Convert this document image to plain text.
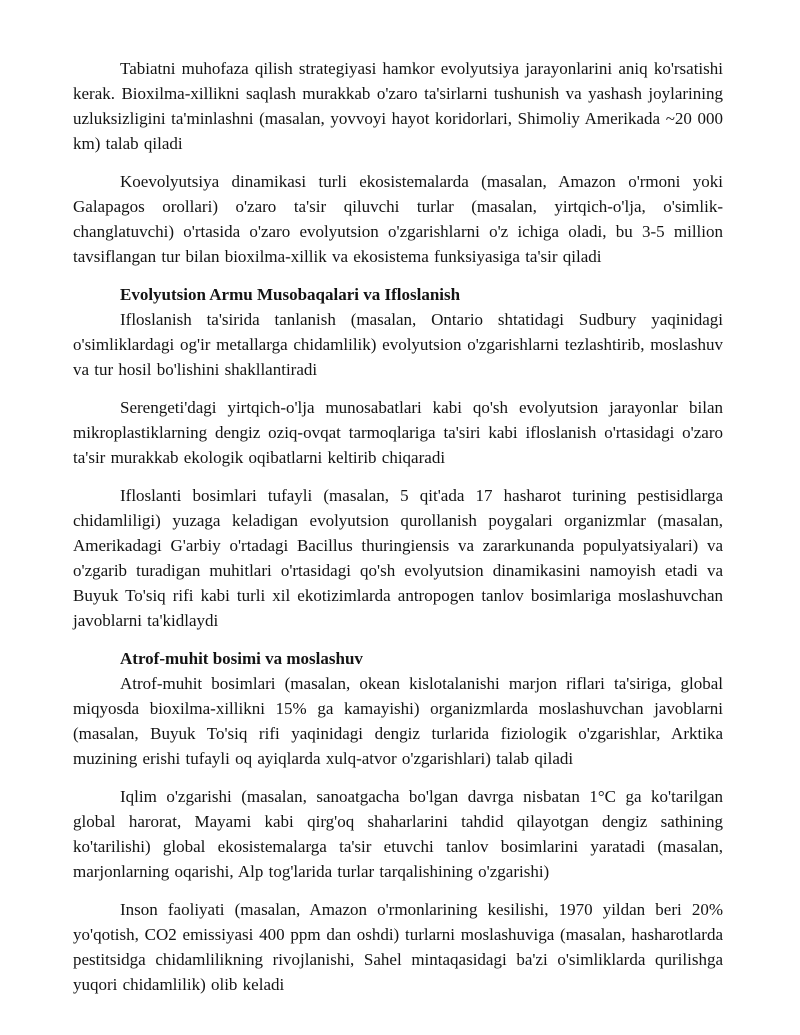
Tabiatni muhofaza qilish strategiyasi hamkor evolyutsiya jarayonlarini aniq ko'rsatishi kerak. Bioxilma-xillikni saqlash murakkab o'zaro ta'sirlarni tushunish va yashash joylarining uzluksizligini ta'minlashni (masalan, yovvoyi hayot koridorlari, Shimoliy Amerikada ~20 000 km) talab qiladi

Koevolyutsiya dinamikasi turli ekosistemalarda (masalan, Amazon o'rmoni yoki Galapagos orollari) o'zaro ta'sir qiluvchi turlar (masalan, yirtqich-o'lja, o'simlik-changlatuvchi) o'rtasida o'zaro evolyutsion o'zgarishlarni o'z ichiga oladi, bu 3-5 million tavsiflangan tur bilan bioxilma-xillik va ekosistema funksiyasiga ta'sir qiladi

Evolyutsion Armu Musobaqalari va Ifloslanish

Ifloslanish ta'sirida tanlanish (masalan, Ontario shtatidagi Sudbury yaqinidagi o'simliklardagi og'ir metallarga chidamlilik) evolyutsion o'zgarishlarni tezlashtirib, moslashuv va tur hosil bo'lishini shakllantiradi

Serengeti'dagi yirtqich-o'lja munosabatlari kabi qo'sh evolyutsion jarayonlar bilan mikroplastiklarning dengiz oziq-ovqat tarmoqlariga ta'siri kabi ifloslanish o'rtasidagi o'zaro ta'sir murakkab ekologik oqibatlarni keltirib chiqaradi

Ifloslanti bosimlari tufayli (masalan, 5 qit'ada 17 hasharot turining pestisidlarga chidamliligi) yuzaga keladigan evolyutsion qurollanish poygalari organizmlar (masalan, Amerikadagi G'arbiy o'rtadagi Bacillus thuringiensis va zararkunanda populyatsiyalari) va o'zgarib turadigan muhitlari o'rtasidagi qo'sh evolyutsion dinamikasini namoyish etadi va Buyuk To'siq rifi kabi turli xil ekotizimlarda antropogen tanlov bosimlariga moslashuvchan javoblarni ta'kidlaydi

Atrof-muhit bosimi va moslashuv

Atrof-muhit bosimlari (masalan, okean kislotalanishi marjon riflari ta'siriga, global miqyosda bioxilma-xillikni 15% ga kamayishi) organizmlarda moslashuvchan javoblarni (masalan, Buyuk To'siq rifi yaqinidagi dengiz turlarida fiziologik o'zgarishlar, Arktika muzining erishi tufayli oq ayiqlarda xulq-atvor o'zgarishlari) talab qiladi

Iqlim o'zgarishi (masalan, sanoatgacha bo'lgan davrga nisbatan 1°C ga ko'tarilgan global harorat, Mayami kabi qirg'oq shaharlarini tahdid qilayotgan dengiz sathining ko'tarilishi) global ekosistemalarga ta'sir etuvchi tanlov bosimlarini yaratadi (masalan, marjonlarning oqarishi, Alp tog'larida turlar tarqalishining o'zgarishi)

Inson faoliyati (masalan, Amazon o'rmonlarining kesilishi, 1970 yildan beri 20% yo'qotish, CO2 emissiyasi 400 ppm dan oshdi) turlarni moslashuviga (masalan, hasharotlarda pestitsidga chidamlilikning rivojlanishi, Sahel mintaqasidagi ba'zi o'simliklarda qurilishga yuqori chidamlilik) olib keladi
